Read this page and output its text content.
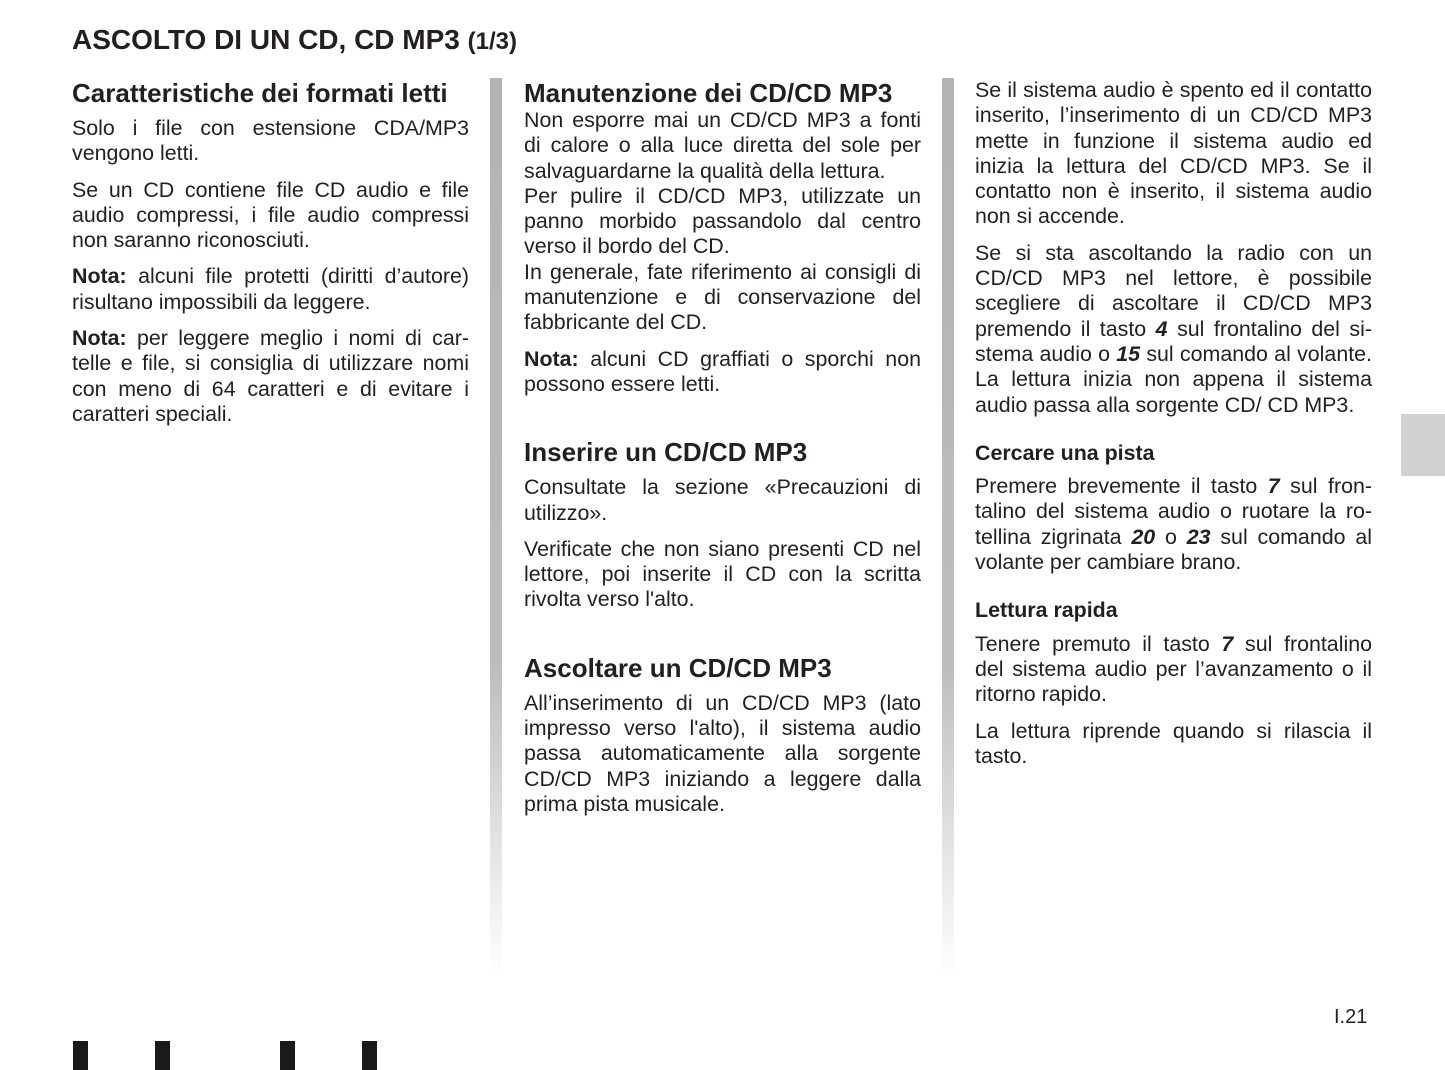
ASCOLTO DI UN CD, CD MP3 (1/3)
Caratteristiche dei formati letti

Solo i file con estensione CDA/MP3 vengono letti.

Se un CD contiene file CD audio e file audio compressi, i file audio compressi non saranno riconosciuti.

Nota: alcuni file protetti (diritti d’autore) risultano impossibili da leggere.

Nota: per leggere meglio i nomi di cartelle e file, si consiglia di utilizzare nomi con meno di 64 caratteri e di evitare i caratteri speciali.

Manutenzione dei CD/CD MP3

Non esporre mai un CD/CD MP3 a fonti di calore o alla luce diretta del sole per salvaguardarne la qualità della lettura.

Per pulire il CD/CD MP3, utilizzate un panno morbido passandolo dal centro verso il bordo del CD.

In generale, fate riferimento ai consigli di manutenzione e di conservazione del fabbricante del CD.

Nota: alcuni CD graffiati o sporchi non possono essere letti.

Inserire un CD/CD MP3

Consultate la sezione «Precauzioni di utilizzo».

Verificate che non siano presenti CD nel lettore, poi inserite il CD con la scritta rivolta verso l'alto.

Ascoltare un CD/CD MP3

All’inserimento di un CD/CD MP3 (lato impresso verso l'alto), il sistema audio passa automaticamente alla sorgente CD/CD MP3 iniziando a leggere dalla prima pista musicale.

Se il sistema audio è spento ed il contatto inserito, l’inserimento di un CD/CD MP3 mette in funzione il sistema audio ed inizia la lettura del CD/CD MP3. Se il contatto non è inserito, il sistema audio non si accende.

Se si sta ascoltando la radio con un CD/CD MP3 nel lettore, è possibile scegliere di ascoltare il CD/CD MP3 premendo il tasto 4 sul frontalino del sistema audio o 15 sul comando al volante. La lettura inizia non appena il sistema audio passa alla sorgente CD/ CD MP3.

Cercare una pista

Premere brevemente il tasto 7 sul frontalino del sistema audio o ruotare la rotellina zigrinata 20 o 23 sul comando al volante per cambiare brano.

Lettura rapida

Tenere premuto il tasto 7 sul frontalino del sistema audio per l’avanzamento o il ritorno rapido.

La lettura riprende quando si rilascia il tasto.

I.21
